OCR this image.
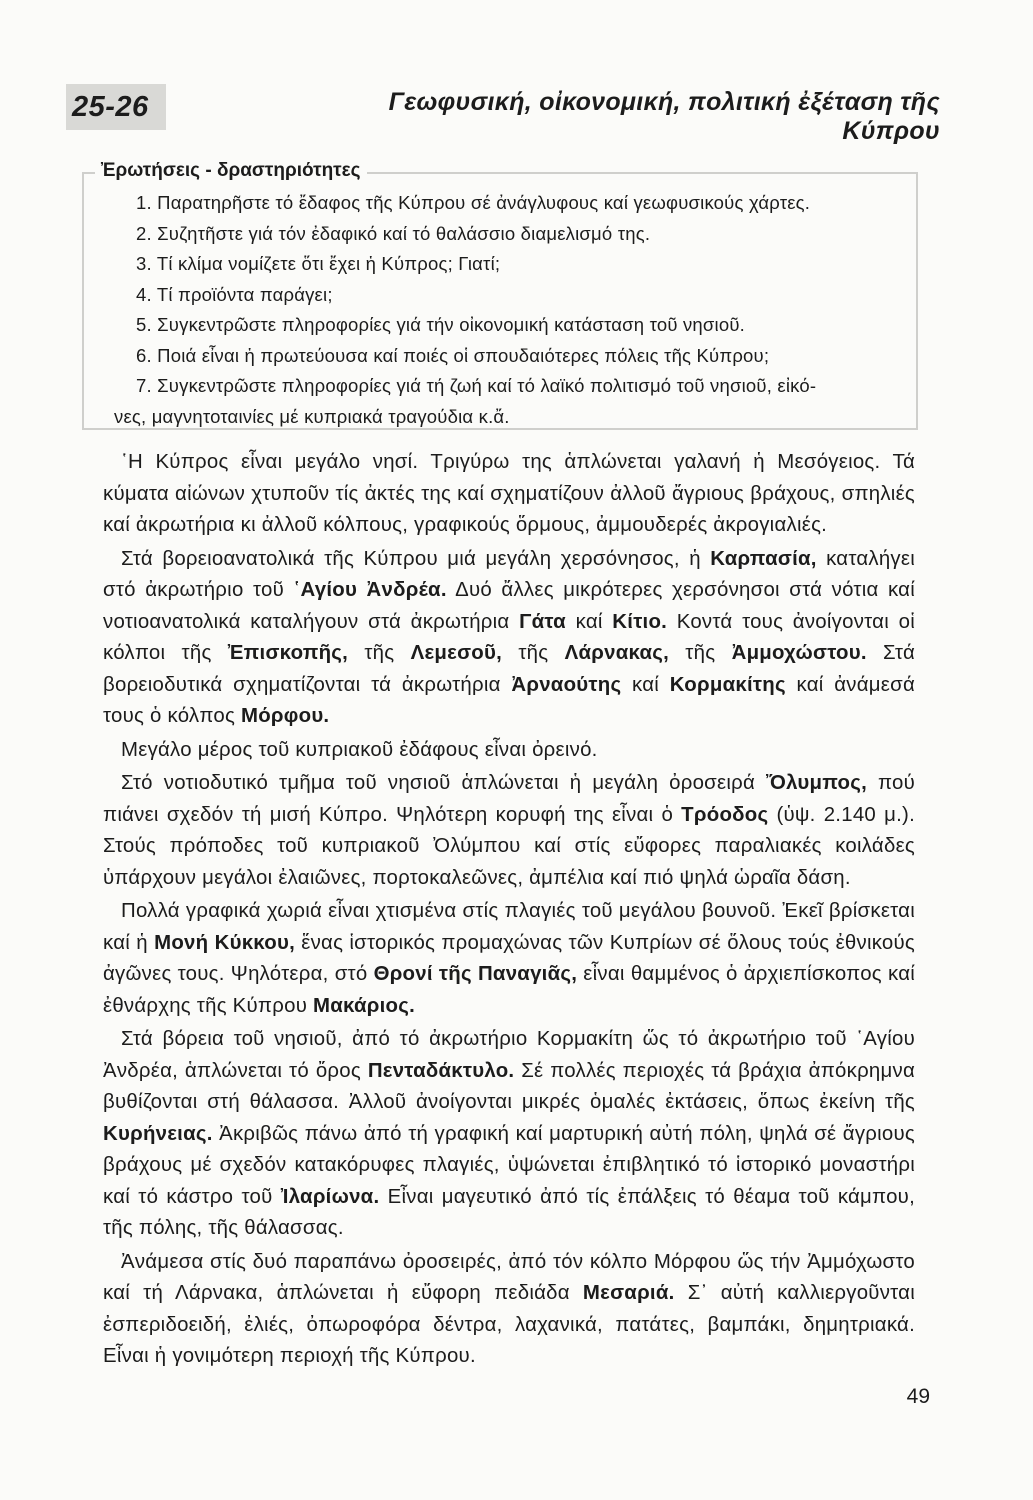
25-26	Γεωφυσική, οἰκονομική, πολιτική ἐξέταση τῆς Κύπρου
Ἐρωτήσεις - δραστηριότητες
1. Παρατηρῆστε τό ἔδαφος τῆς Κύπρου σέ ἀνάγλυφους καί γεωφυσικούς χάρτες.
2. Συζητῆστε γιά τόν ἐδαφικό καί τό θαλάσσιο διαμελισμό της.
3. Τί κλίμα νομίζετε ὅτι ἔχει ἡ Κύπρος; Γιατί;
4. Τί προϊόντα παράγει;
5. Συγκεντρῶστε πληροφορίες γιά τήν οἰκονομική κατάσταση τοῦ νησιοῦ.
6. Ποιά εἶναι ἡ πρωτεύουσα καί ποιές οἱ σπουδαιότερες πόλεις τῆς Κύπρου;
7. Συγκεντρῶστε πληροφορίες γιά τή ζωή καί τό λαϊκό πολιτισμό τοῦ νησιοῦ, εἰκό-
νες, μαγνητοταινίες μέ κυπριακά τραγούδια κ.ἄ.

῾Η Κύπρος εἶναι μεγάλο νησί. Τριγύρω της ἁπλώνεται γαλανή ἡ Μεσόγειος. Τά κύματα αἰώνων χτυποῦν τίς ἀκτές της καί σχηματίζουν ἀλλοῦ ἄγριους βράχους, σπηλιές καί ἀκρωτήρια κι ἀλλοῦ κόλπους, γραφικούς ὅρμους, ἀμμουδερές ἀκρογιαλιές.

Στά βορειοανατολικά τῆς Κύπρου μιά μεγάλη χερσόνησος, ἡ Καρπασία, καταλήγει στό ἀκρωτήριο τοῦ ῾Αγίου Ἀνδρέα. Δυό ἄλλες μικρότερες χερσόνησοι στά νότια καί νοτιοανατολικά καταλήγουν στά ἀκρωτήρια Γάτα καί Κίτιο. Κοντά τους ἀνοίγονται οἱ κόλποι τῆς Ἐπισκοπῆς, τῆς Λεμεσοῦ, τῆς Λάρνακας, τῆς Ἀμμοχώστου. Στά βορειοδυτικά σχηματίζονται τά ἀκρωτήρια Ἀρναούτης καί Κορμακίτης καί ἀνάμεσά τους ὁ κόλπος Μόρφου.

Μεγάλο μέρος τοῦ κυπριακοῦ ἐδάφους εἶναι ὀρεινό.

Στό νοτιοδυτικό τμῆμα τοῦ νησιοῦ ἁπλώνεται ἡ μεγάλη ὀροσειρά Ὄλυμπος, πού πιάνει σχεδόν τή μισή Κύπρο. Ψηλότερη κορυφή της εἶναι ὁ Τρόοδος (ὑψ. 2.140 μ.). Στούς πρόποδες τοῦ κυπριακοῦ Ὀλύμπου καί στίς εὔφορες παραλιακές κοιλάδες ὑπάρχουν μεγάλοι ἐλαιῶνες, πορτοκαλεῶνες, ἀμπέλια καί πιό ψηλά ὡραῖα δάση.

Πολλά γραφικά χωριά εἶναι χτισμένα στίς πλαγιές τοῦ μεγάλου βουνοῦ. Ἐκεῖ βρίσκεται καί ἡ Μονή Κύκκου, ἕνας ἱστορικός προμαχώνας τῶν Κυπρίων σέ ὅλους τούς ἐθνικούς ἀγῶνες τους. Ψηλότερα, στό Θρονί τῆς Παναγιᾶς, εἶναι θαμμένος ὁ ἀρχιεπίσκοπος καί ἐθνάρχης τῆς Κύπρου Μακάριος.

Στά βόρεια τοῦ νησιοῦ, ἀπό τό ἀκρωτήριο Κορμακίτη ὥς τό ἀκρωτήριο τοῦ ῾Αγίου Ἀνδρέα, ἁπλώνεται τό ὄρος Πενταδάκτυλο. Σέ πολλές περιοχές τά βράχια ἀπόκρημνα βυθίζονται στή θάλασσα. Ἀλλοῦ ἀνοίγονται μικρές ὁμαλές ἐκτάσεις, ὅπως ἐκείνη τῆς Κυρήνειας. Ἀκριβῶς πάνω ἀπό τή γραφική καί μαρτυρική αὐτή πόλη, ψηλά σέ ἄγριους βράχους μέ σχεδόν κατακόρυφες πλαγιές, ὑψώνεται ἐπιβλητικό τό ἱστορικό μοναστήρι καί τό κάστρο τοῦ Ἰλαρίωνα. Εἶναι μαγευτικό ἀπό τίς ἐπάλξεις τό θέαμα τοῦ κάμπου, τῆς πόλης, τῆς θάλασσας.

Ἀνάμεσα στίς δυό παραπάνω ὀροσειρές, ἀπό τόν κόλπο Μόρφου ὥς τήν Ἀμμόχωστο καί τή Λάρνακα, ἁπλώνεται ἡ εὔφορη πεδιάδα Μεσαριά. Σ᾿ αὐτή καλλιεργοῦνται ἐσπεριδοειδή, ἐλιές, ὀπωροφόρα δέντρα, λαχανικά, πατάτες, βαμπάκι, δημητριακά. Εἶναι ἡ γονιμότερη περιοχή τῆς Κύπρου.

49
